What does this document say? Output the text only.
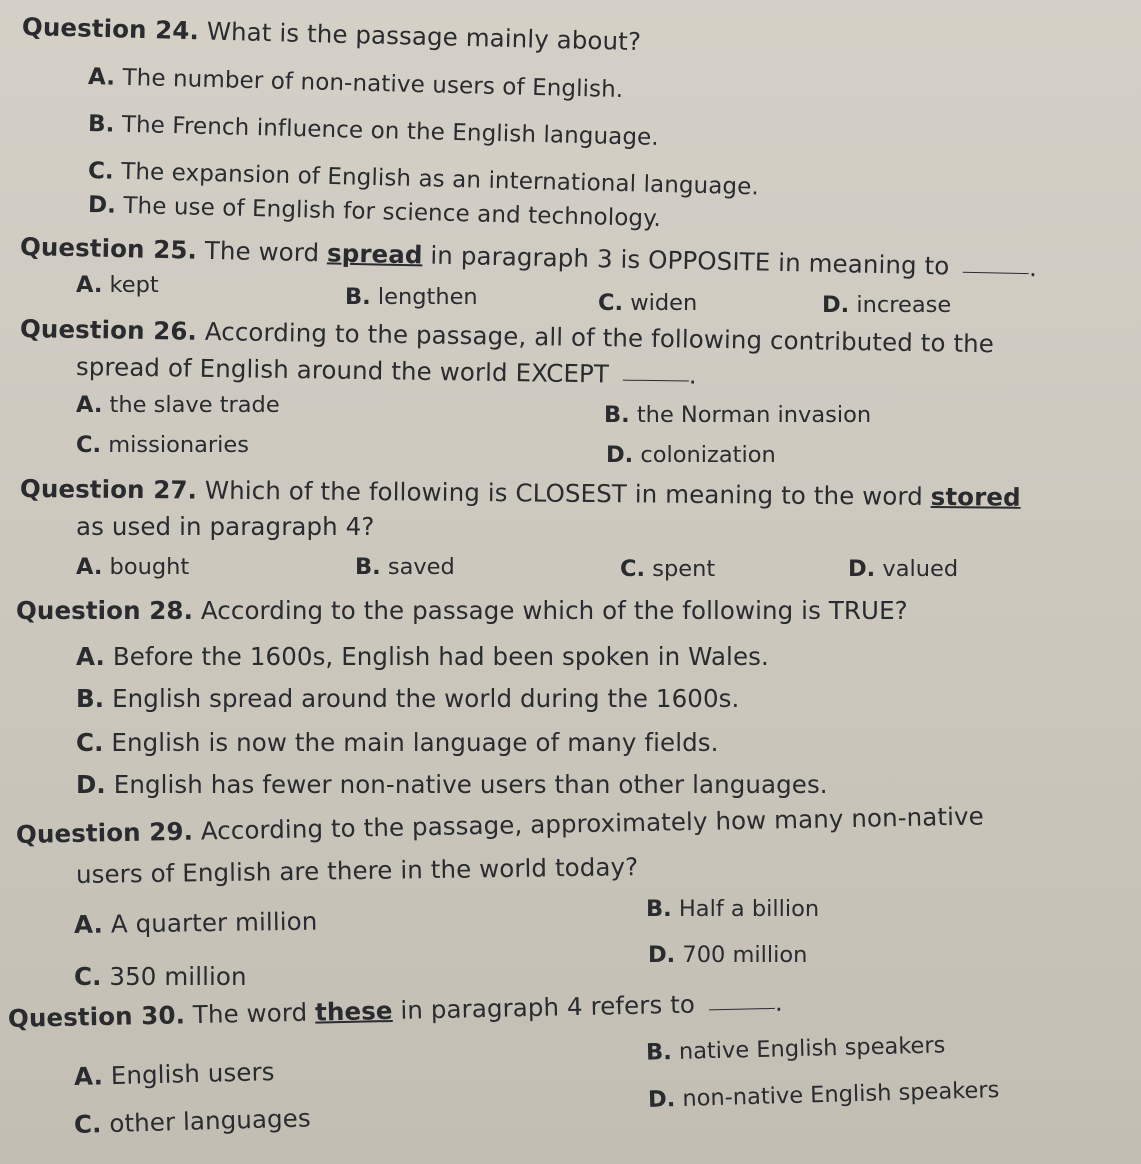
Question 24. What is the passage mainly about?
A. The number of non-native users of English.
B. The French influence on the English language.
C. The expansion of English as an international language.
D. The use of English for science and technology.
Question 25. The word spread in paragraph 3 is OPPOSITE in meaning to	.
A. kept	B. lengthen	C. widen	D. increase
Question 26. According to the passage, all of the following contributed to the
spread of English around the world EXCEPT	.
A. the slave trade	B. the Norman invasion
C. missionaries	D. colonization
Question 27. Which of the following is CLOSEST in meaning to the word stored
as used in paragraph 4?
A. bought	B. saved	C. spent	D. valued
Question 28. According to the passage which of the following is TRUE?
A. Before the 1600s, English had been spoken in Wales.
B. English spread around the world during the 1600s.
C. English is now the main language of many fields.
D. English has fewer non-native users than other languages.
Question 29. According to the passage, approximately how many non-native
users of English are there in the world today?
A. A quarter million	B. Half a billion
C. 350 million
D. 700 million
Question 30. The word these in paragraph 4 refers to	.
A. English users
B. native English speakers
C. other languages
D. non-native English speakers
